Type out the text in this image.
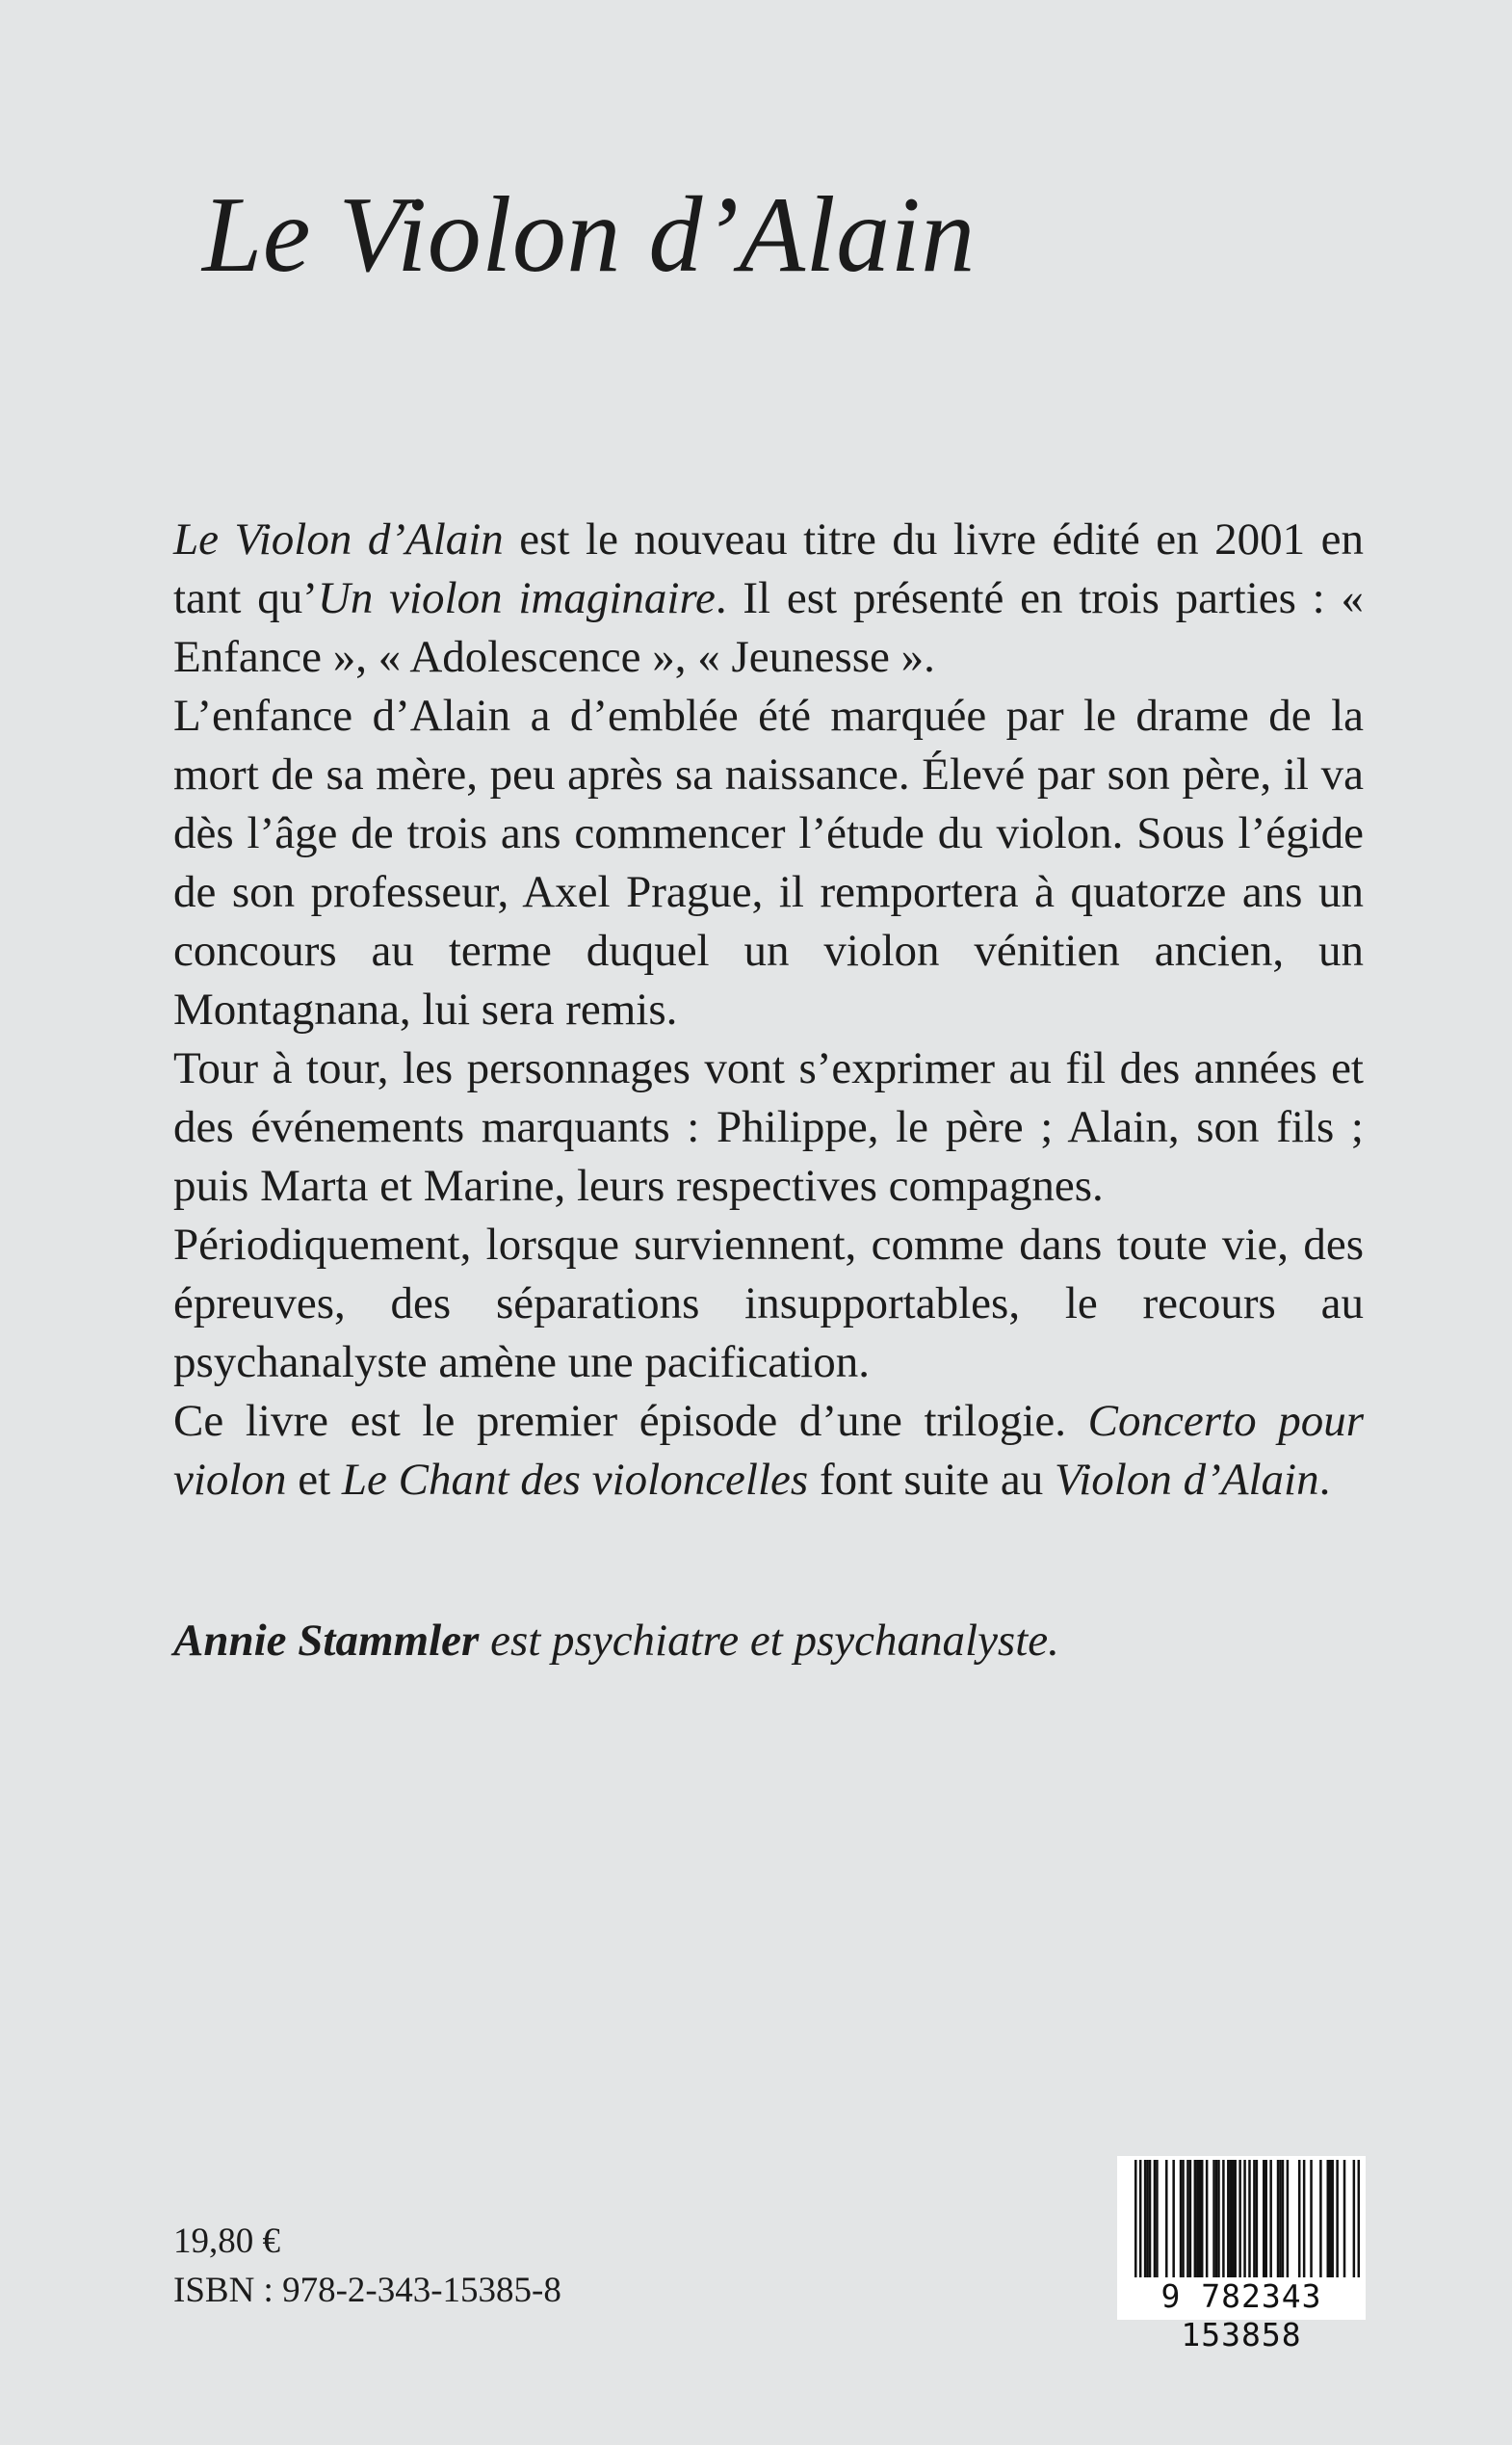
Le Violon d’Alain

Le Violon d’Alain est le nouveau titre du livre édité en 2001 en tant qu’Un violon imaginaire. Il est présenté en trois parties : « Enfance », « Adolescence », « Jeunesse ».

L’enfance d’Alain a d’emblée été marquée par le drame de la mort de sa mère, peu après sa naissance. Élevé par son père, il va dès l’âge de trois ans commencer l’étude du violon. Sous l’égide de son professeur, Axel Prague, il remportera à quatorze ans un concours au terme duquel un violon vénitien ancien, un Montagnana, lui sera remis.

Tour à tour, les personnages vont s’exprimer au fil des années et des événements marquants : Philippe, le père ; Alain, son fils ; puis Marta et Marine, leurs respectives compagnes.

Périodiquement, lorsque surviennent, comme dans toute vie, des épreuves, des séparations insupportables, le recours au psychanalyste amène une pacification.

Ce livre est le premier épisode d’une trilogie. Concerto pour violon et Le Chant des violoncelles font suite au Violon d’Alain.

Annie Stammler est psychiatre et psychanalyste.
19,80 €
ISBN : 978-2-343-15385-8	9 782343 153858
